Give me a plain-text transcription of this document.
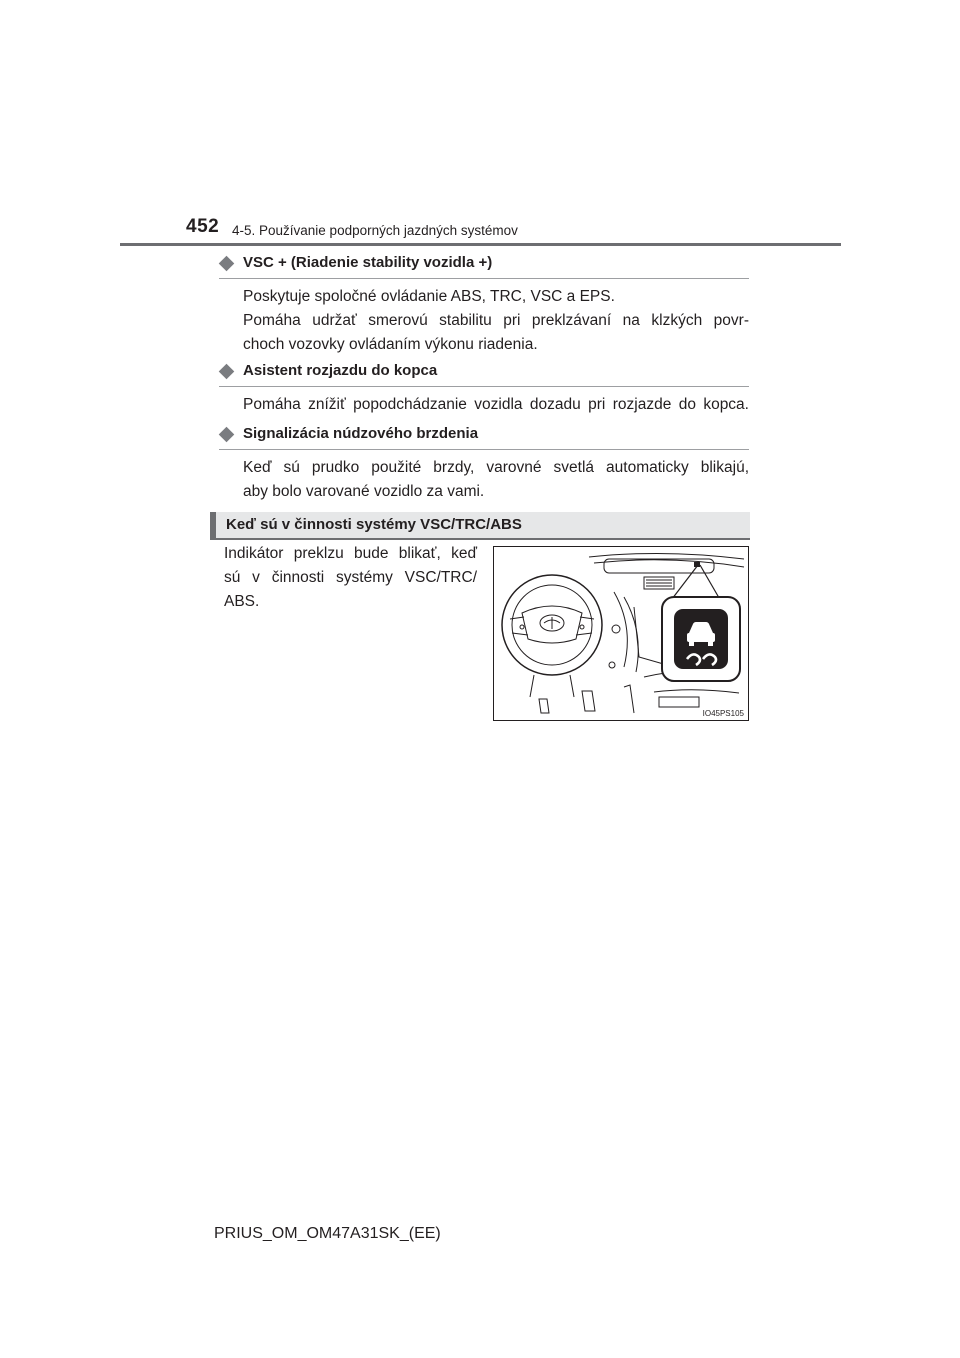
452 4-5. Používanie podporných jazdných systémov
VSC + (Riadenie stability vozidla +)

Poskytuje spoločné ovládanie ABS, TRC, VSC a EPS.

Pomáha udržať smerovú stabilitu pri preklzávaní na klzkých povr-

choch vozovky ovládaním výkonu riadenia.

Asistent rozjazdu do kopca

Pomáha znížiť popodchádzanie vozidla dozadu pri rozjazde do kopca.

Signalizácia núdzového brzdenia

Keď sú prudko použité brzdy, varovné svetlá automaticky blikajú,

aby bolo varované vozidlo za vami.

Keď sú v činnosti systémy VSC/TRC/ABS

Indikátor preklzu bude blikať, keď

sú v činnosti systémy VSC/TRC/

ABS.

IO45PS105
PRIUS_OM_OM47A31SK_(EE)
